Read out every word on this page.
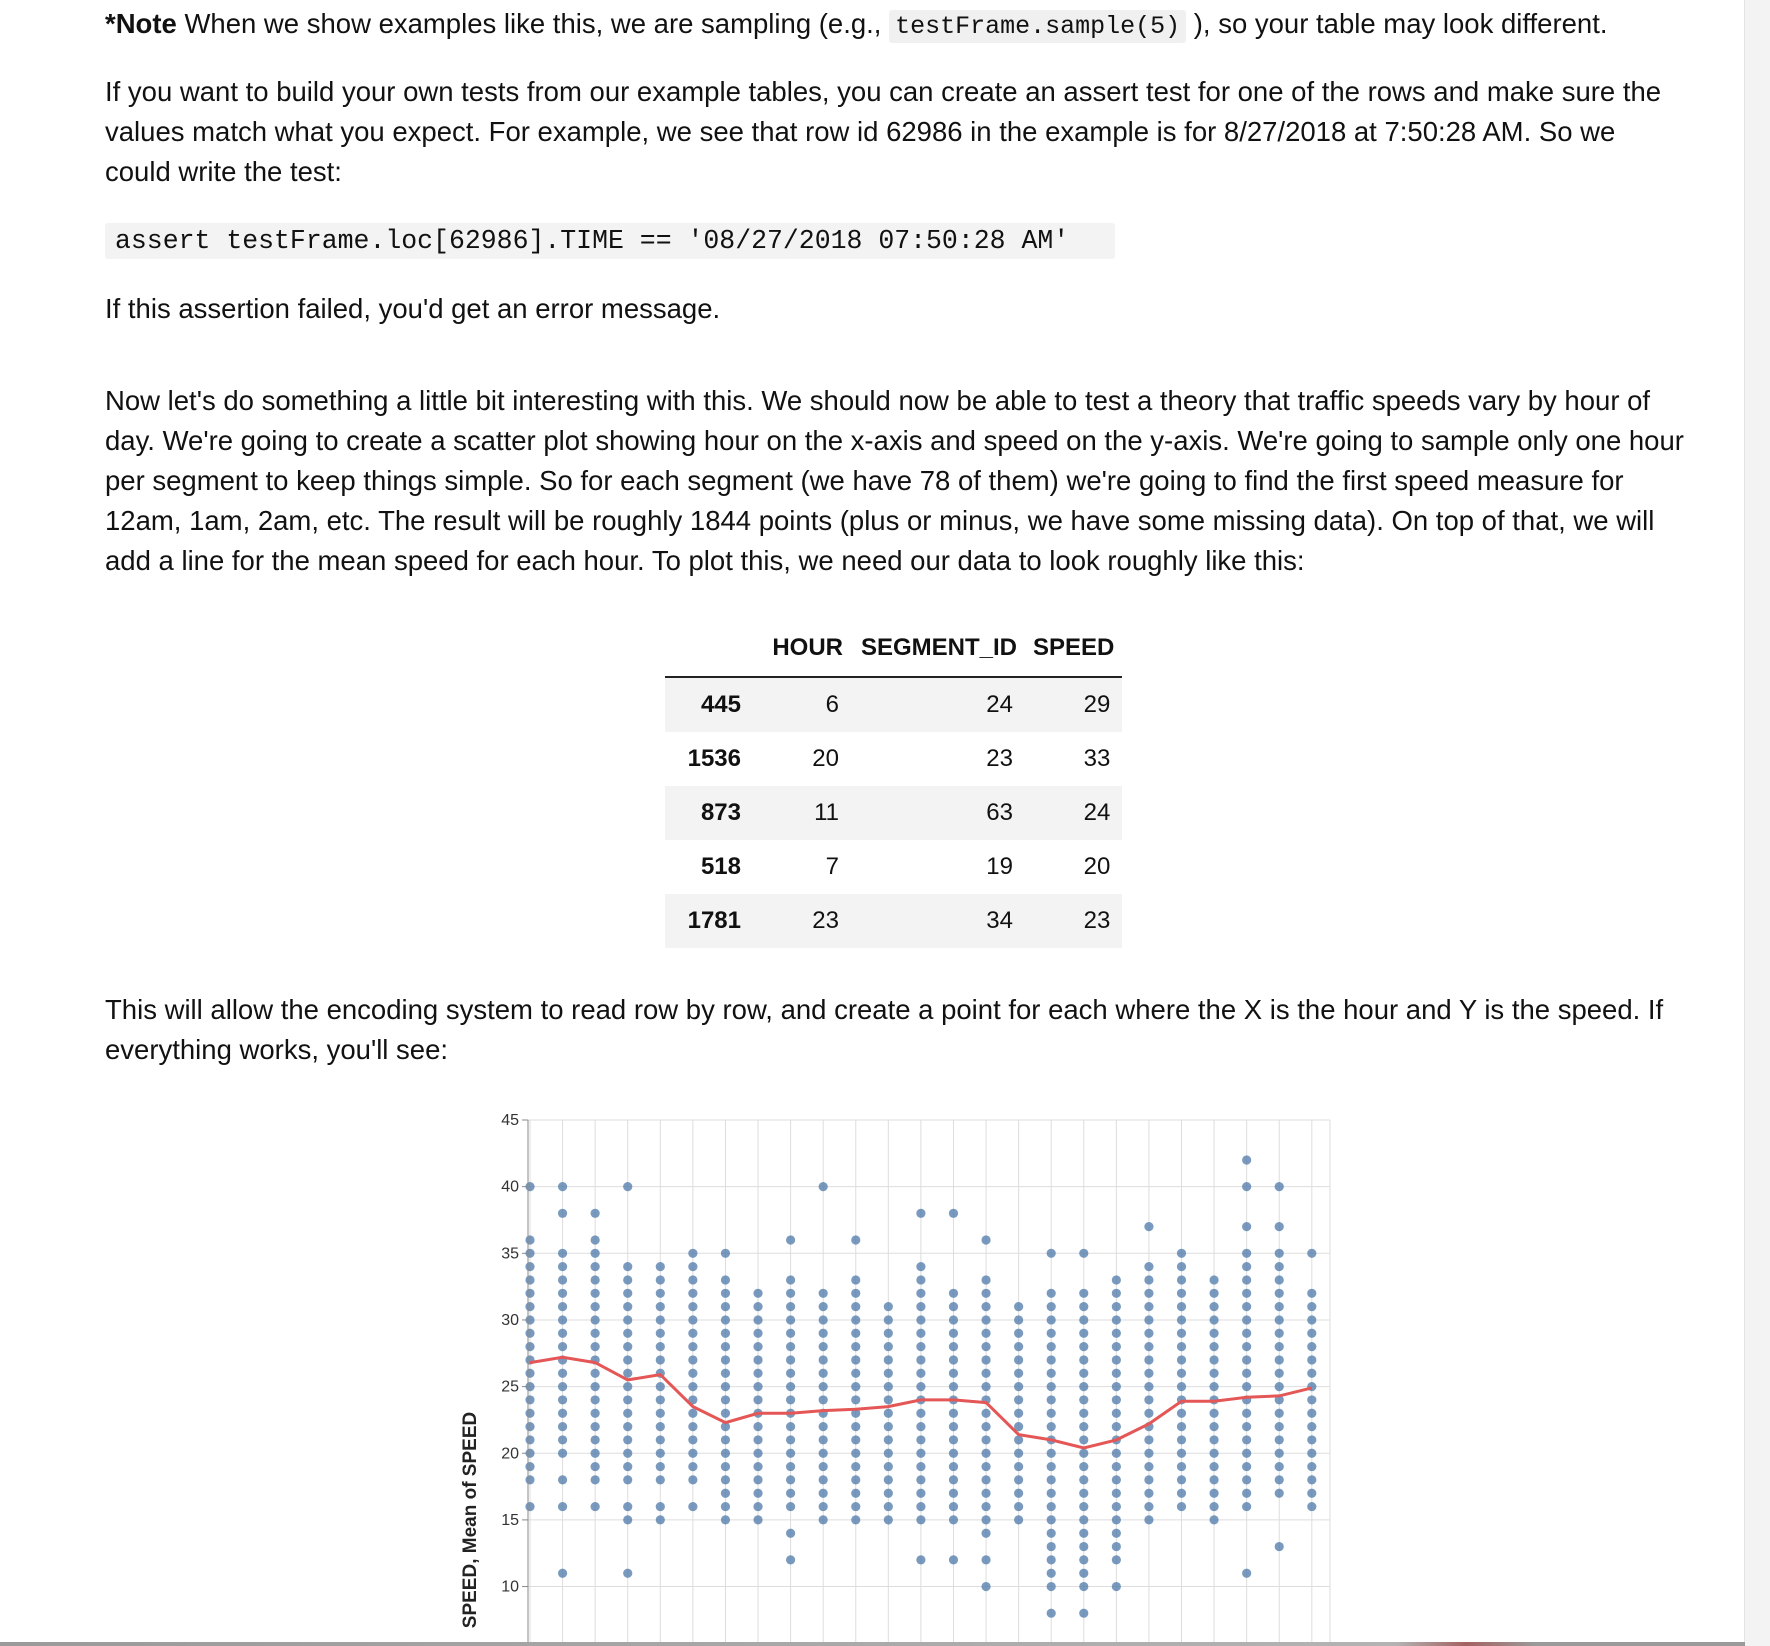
*Note When we show examples like this, we are sampling (e.g., testFrame.sample(5) ), so your table may look different.

If you want to build your own tests from our example tables, you can create an assert test for one of the rows and make sure the values match what you expect. For example, we see that row id 62986 in the example is for 8/27/2018 at 7:50:28 AM. So we could write the test:

assert testFrame.loc[62986].TIME == '08/27/2018 07:50:28 AM'

If this assertion failed, you'd get an error message.

Now let's do something a little bit interesting with this. We should now be able to test a theory that traffic speeds vary by hour of day. We're going to create a scatter plot showing hour on the x-axis and speed on the y-axis. We're going to sample only one hour per segment to keep things simple. So for each segment (we have 78 of them) we're going to find the first speed measure for 12am, 1am, 2am, etc. The result will be roughly 1844 points (plus or minus, we have some missing data). On top of that, we will add a line for the mean speed for each hour. To plot this, we need our data to look roughly like this:

	HOUR	SEGMENT_ID	SPEED
445	6	24	29
1536	20	23	33
873	11	63	24
518	7	19	20
1781	23	34	23

This will allow the encoding system to read row by row, and create a point for each where the X is the hour and Y is the speed. If everything works, you'll see:

10
15
20
25
30
35
40
45
SPEED, Mean of SPEED
